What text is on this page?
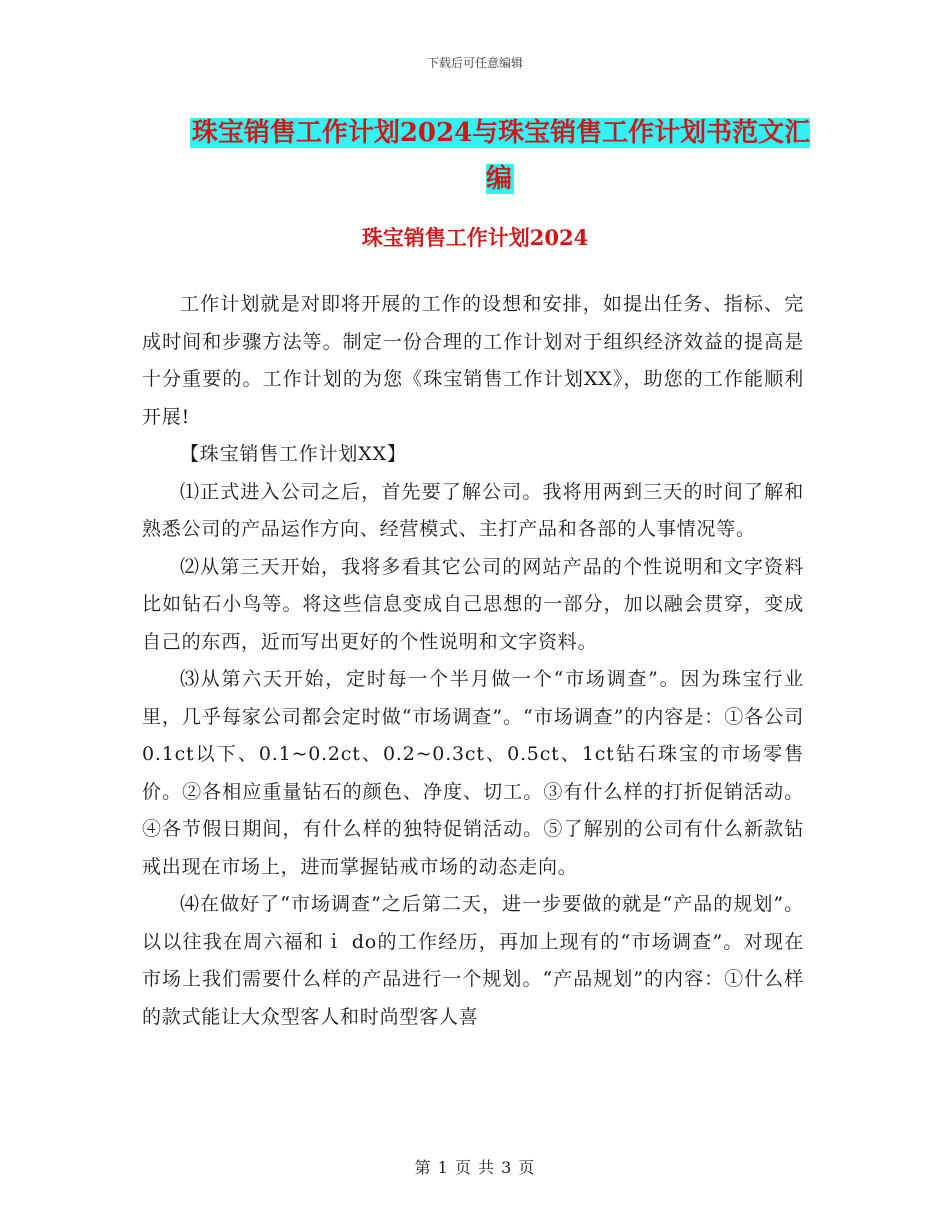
下载后可任意编辑
珠宝销售工作计划2024与珠宝销售工作计划书范文汇编
珠宝销售工作计划2024

工作计划就是对即将开展的工作的设想和安排，如提出任务、指标、完成时间和步骤方法等。制定一份合理的工作计划对于组织经济效益的提高是十分重要的。工作计划的为您《珠宝销售工作计划XX》，助您的工作能顺利开展!

【珠宝销售工作计划XX】

⑴正式进入公司之后，首先要了解公司。我将用两到三天的时间了解和熟悉公司的产品运作方向、经营模式、主打产品和各部的人事情况等。

⑵从第三天开始，我将多看其它公司的网站产品的个性说明和文字资料比如钻石小鸟等。将这些信息变成自己思想的一部分，加以融会贯穿，变成自己的东西，近而写出更好的个性说明和文字资料。

⑶从第六天开始，定时每一个半月做一个“市场调查”。因为珠宝行业里，几乎每家公司都会定时做“市场调查”。“市场调查”的内容是：①各公司 0.1ct以下、0.1~0.2ct、0.2~0.3ct、0.5ct、1ct钻石珠宝的市场零售价。②各相应重量钻石的颜色、净度、切工。③有什么样的打折促销活动。④各节假日期间，有什么样的独特促销活动。⑤了解别的公司有什么新款钻戒出现在市场上，进而掌握钻戒市场的动态走向。

⑷在做好了“市场调查”之后第二天，进一步要做的就是“产品的规划”。以以往我在周六福和ｉ do的工作经历，再加上现有的“市场调查”。对现在市场上我们需要什么样的产品进行一个规划。“产品规划”的内容：①什么样的款式能让大众型客人和时尚型客人喜

第 1 页 共 3 页
